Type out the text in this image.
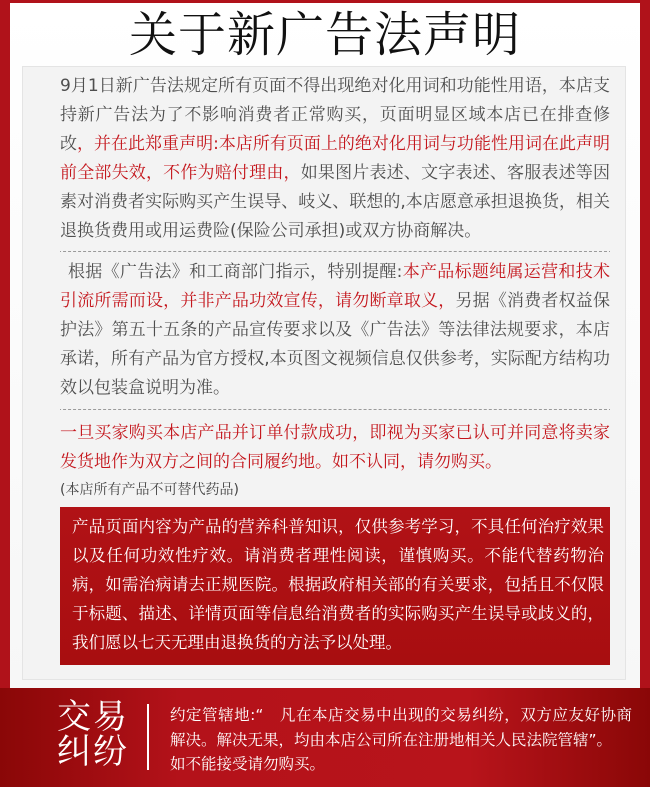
关于新广告法声明

9月1日新广告法规定所有页面不得出现绝对化用词和功能性用语，本店支持新广告法为了不影响消费者正常购买，页面明显区域本店已在排查修改，并在此郑重声明:本店所有页面上的绝对化用词与功能性用词在此声明前全部失效，不作为赔付理由，如果图片表述、文字表述、客服表述等因素对消费者实际购买产生误导、岐义、联想的,本店愿意承担退换货，相关退换货费用或用运费险(保险公司承担)或双方协商解决。

根据《广告法》和工商部门指示，特别提醒:本产品标题纯属运营和技术引流所需而设，并非产品功效宣传，请勿断章取义，另据《消费者权益保护法》第五十五条的产品宣传要求以及《广告法》等法律法规要求，本店承诺，所有产品为官方授权,本页图文视频信息仅供参考，实际配方结构功效以包装盒说明为准。

一旦买家购买本店产品并订单付款成功，即视为买家已认可并同意将卖家发货地作为双方之间的合同履约地。如不认同，请勿购买。

(本店所有产品不可替代药品)

产品页面内容为产品的营养科普知识，仅供参考学习，不具任何治疗效果以及任何功效性疗效。请消费者理性阅读，谨慎购买。不能代替药物治病，如需治病请去正规医院。根据政府相关部的有关要求，包括且不仅限于标题、描述、详情页面等信息给消费者的实际购买产生误导或歧义的，我们愿以七天无理由退换货的方法予以处理。
交易
纠纷
约定管辖地:“　凡在本店交易中出现的交易纠纷，双方应友好协商解决。解决无果，均由本店公司所在注册地相关人民法院管辖”。
如不能接受请勿购买。
